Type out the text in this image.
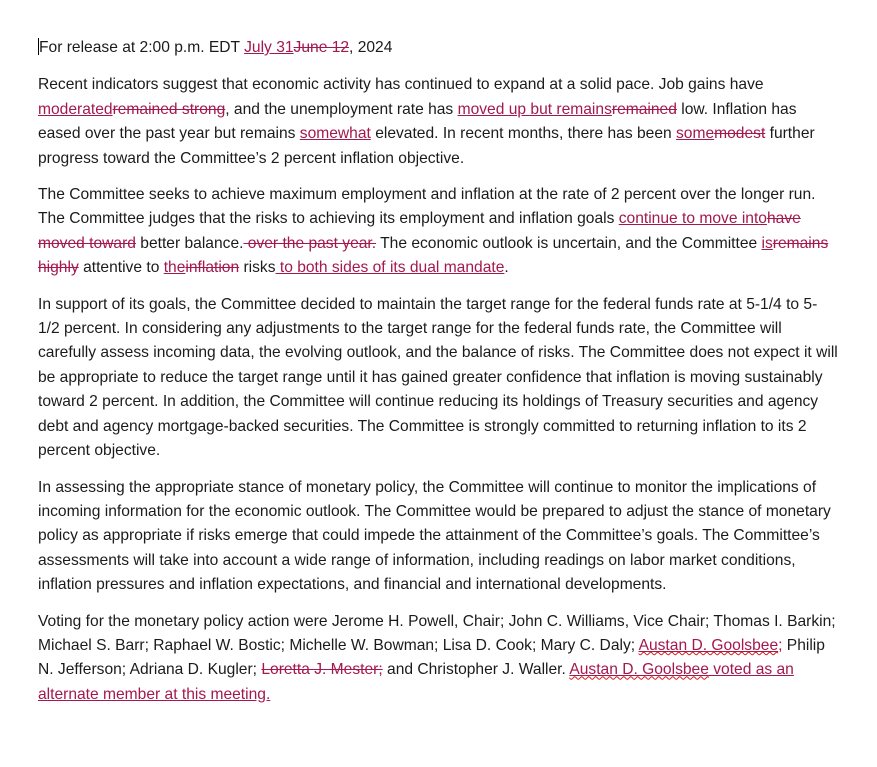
For release at 2:00 p.m. EDT July 31June 12, 2024
Recent indicators suggest that economic activity has continued to expand at a solid pace. Job gains have moderatedremained strong, and the unemployment rate has moved up but remainsremained low. Inflation has eased over the past year but remains somewhat elevated. In recent months, there has been somemodest further progress toward the Committee’s 2 percent inflation objective.
The Committee seeks to achieve maximum employment and inflation at the rate of 2 percent over the longer run. The Committee judges that the risks to achieving its employment and inflation goals continue to move intohave moved toward better balance. over the past year. The economic outlook is uncertain, and the Committee isremains highly attentive to theinflation risks to both sides of its dual mandate.
In support of its goals, the Committee decided to maintain the target range for the federal funds rate at 5-1/4 to 5-1/2 percent. In considering any adjustments to the target range for the federal funds rate, the Committee will carefully assess incoming data, the evolving outlook, and the balance of risks. The Committee does not expect it will be appropriate to reduce the target range until it has gained greater confidence that inflation is moving sustainably toward 2 percent. In addition, the Committee will continue reducing its holdings of Treasury securities and agency debt and agency mortgage-backed securities. The Committee is strongly committed to returning inflation to its 2 percent objective.
In assessing the appropriate stance of monetary policy, the Committee will continue to monitor the implications of incoming information for the economic outlook. The Committee would be prepared to adjust the stance of monetary policy as appropriate if risks emerge that could impede the attainment of the Committee’s goals. The Committee’s assessments will take into account a wide range of information, including readings on labor market conditions, inflation pressures and inflation expectations, and financial and international developments.
Voting for the monetary policy action were Jerome H. Powell, Chair; John C. Williams, Vice Chair; Thomas I. Barkin; Michael S. Barr; Raphael W. Bostic; Michelle W. Bowman; Lisa D. Cook; Mary C. Daly; Austan D. Goolsbee; Philip N. Jefferson; Adriana D. Kugler; Loretta J. Mester; and Christopher J. Waller. Austan D. Goolsbee voted as an alternate member at this meeting.
